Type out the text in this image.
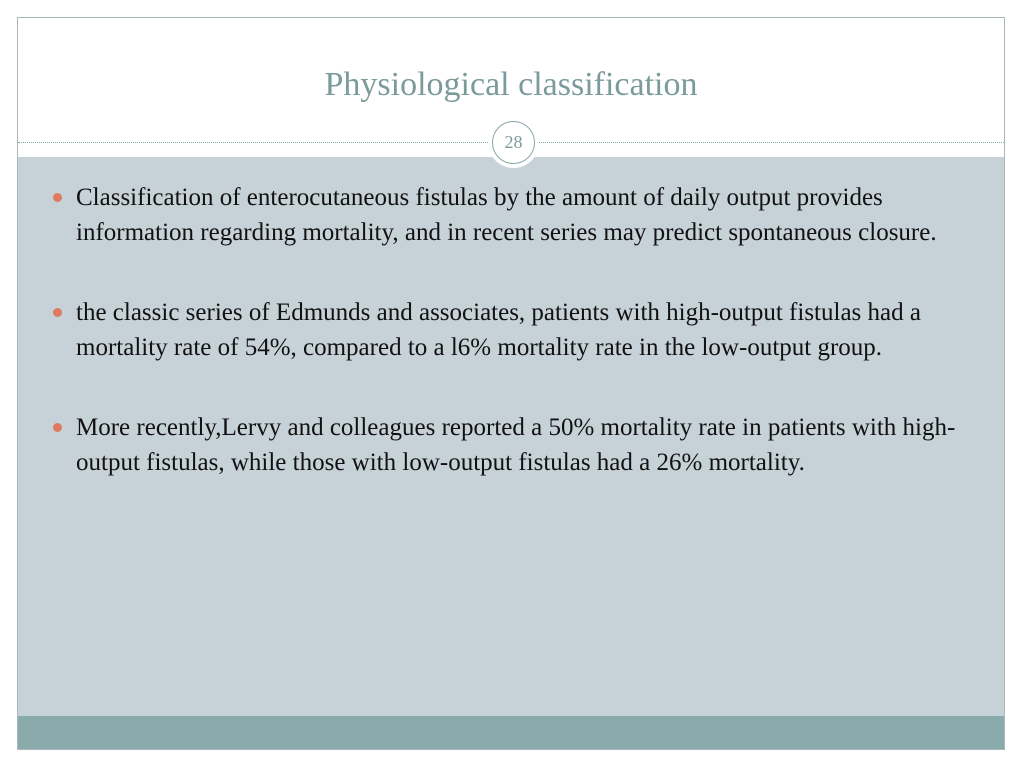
Physiological classification
28
Classification of enterocutaneous fistulas by the amount of daily output provides information regarding mortality, and in recent series may predict spontaneous closure.
the classic series of Edmunds and associates, patients with high-output fistulas had a mortality rate of 54%, compared to a l6% mortality rate in the low-output group.
More recently,Lervy and colleagues reported a 50% mortality rate in patients with high-output fistulas, while those with low-output fistulas had a 26% mortality.
